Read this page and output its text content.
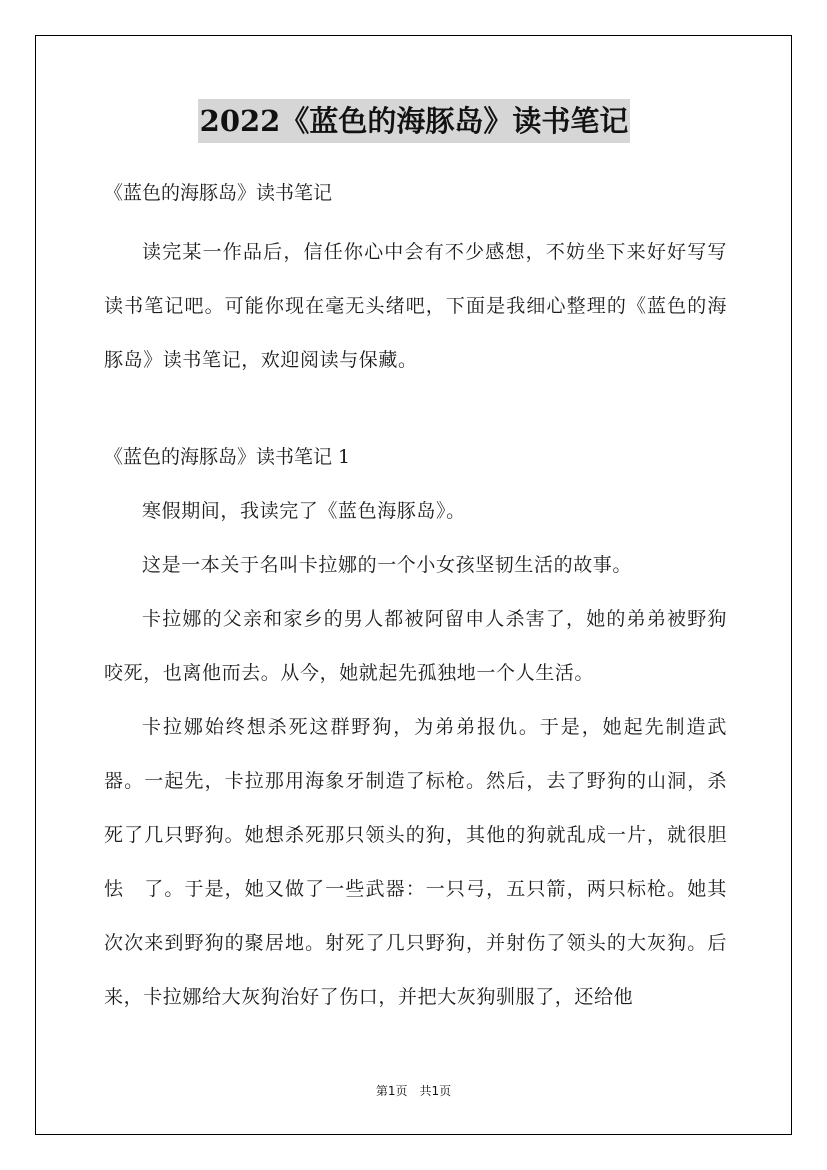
2022《蓝色的海豚岛》读书笔记

《蓝色的海豚岛》读书笔记

读完某一作品后，信任你心中会有不少感想，不妨坐下来好好写写读书笔记吧。可能你现在毫无头绪吧，下面是我细心整理的《蓝色的海豚岛》读书笔记，欢迎阅读与保藏。

《蓝色的海豚岛》读书笔记 1

寒假期间，我读完了《蓝色海豚岛》。

这是一本关于名叫卡拉娜的一个小女孩坚韧生活的故事。

卡拉娜的父亲和家乡的男人都被阿留申人杀害了，她的弟弟被野狗咬死，也离他而去。从今，她就起先孤独地一个人生活。

卡拉娜始终想杀死这群野狗，为弟弟报仇。于是，她起先制造武器。一起先，卡拉那用海象牙制造了标枪。然后，去了野狗的山洞，杀死了几只野狗。她想杀死那只领头的狗，其他的狗就乱成一片，就很胆怯　了。于是，她又做了一些武器：一只弓，五只箭，两只标枪。她其次次来到野狗的聚居地。射死了几只野狗，并射伤了领头的大灰狗。后来，卡拉娜给大灰狗治好了伤口，并把大灰狗驯服了，还给他

第1页　共1页
